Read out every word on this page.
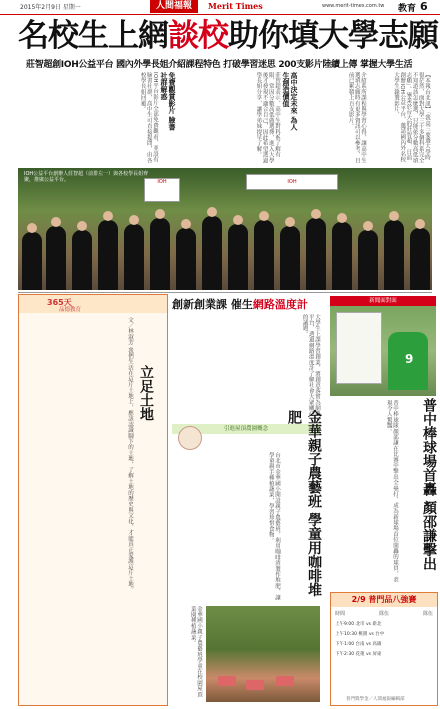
2015年2月9日 星期一	人間福報	Merit Times	www.merit-times.com.tw 教育 6
名校生上網談校助你填大學志願
莊智超創IOH公益平台 國內外學長姐介紹課程特色 打破學習迷思 200支影片陸續上傳 掌握大學生活
【本報台北訊】「我高三要選大學時很茫然，面對大學三千多個科系完全不知道該怎麼選，只能依分數高低填志願」。畢業於台大的莊智超，日前創辦IOH公益平台，邀請國內外名校大學生錄製影片，
介紹系所課程與學習心得，讓高中生選填志願時有更多資訊可以參考，目前已累積上百支影片。
高中決定未來 為人生創造價值
莊智超表示，高中生對科系了解有限，常因分數高低做選擇，進入大學後才發現不適合自己，因此希望透過學長姐分享，讓學弟妹提早了解。
免費觀賞影片 臉書社群解惑
IOH平台影片全部免費觀看，並設有臉書社群，高中生可直接提問，由各校學長姐回覆。
IOH	IOH
IOH公益平台創辦人莊智超（前排左一）與各校學長姐齊聚，推廣公益平台。
365天
品德教育
立足土地
文／林淑芳 我們生活在這片土地上，應該認識腳下的土地，了解土地的歷史與文化，才能真正愛護這片土地。
創新創業課 催生網路溫度計
大學生上課學習創業，將創意落實為網路平台，透過網路溫度計了解社會大眾關心的議題。
引進屋頂農園概念	金華親子農藝班 學童用咖啡堆肥
台北市金華國小開設親子農藝班，利用咖啡渣製作堆肥，讓學童親手種植蔬菜，學習珍惜食物。
金華國小親子農藝班學童在校園屋頂菜園種植蔬菜。
新聞面對面
9
普中棒球場首轟 顏邵謙擊出
普中棒球隊顏邵謙在比賽中擊出全壘打，成為新球場首位開轟的球員，表現令人驚豔。
2/9 普門品八強賽
時間	隊伍	隊伍
上午9:00 北市 vs 新北
上午10:30 桃園 vs 台中
下午1:00 台南 vs 高雄
下午2:30 花蓮 vs 屏東
普門獎學金／人間福報編輯部
